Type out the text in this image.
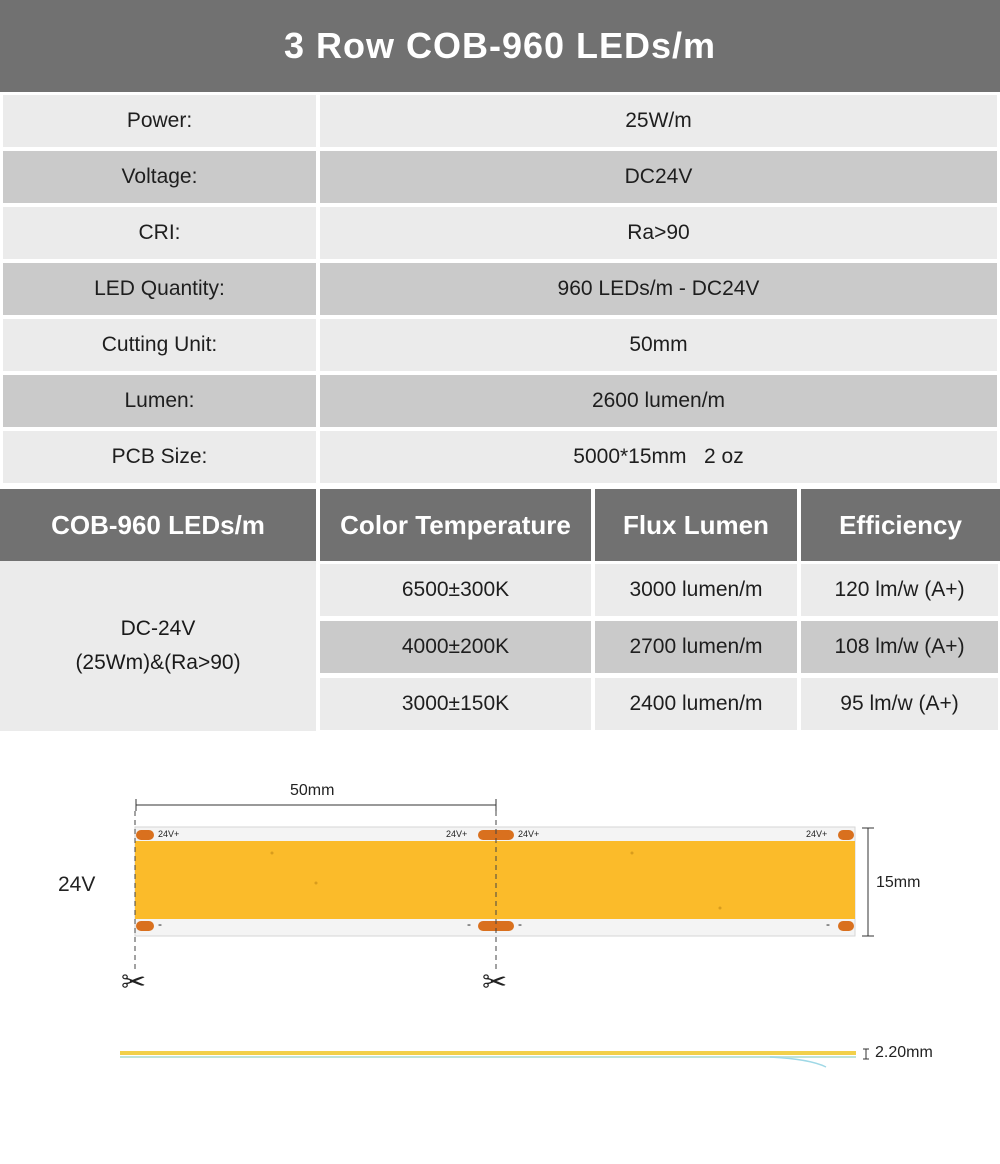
3 Row COB-960 LEDs/m
Power:	25W/m
Voltage:	DC24V
CRI:	Ra>90
LED Quantity:	960 LEDs/m - DC24V
Cutting Unit:	50mm
Lumen:	2600 lumen/m
PCB Size:	5000*15mm   2 oz
COB-960 LEDs/m	Color Temperature	Flux Lumen	Efficiency
DC-24V
(25Wm)&(Ra>90)
6500±300K	3000 lumen/m	120 lm/w (A+)
4000±200K	2700 lumen/m	108 lm/w (A+)
3000±150K	2400 lumen/m	95 lm/w (A+)
50mm
24V	15mm
2.20mm
24V+	24V+	24V+	24V+
-	-	-	-
✂	✂
